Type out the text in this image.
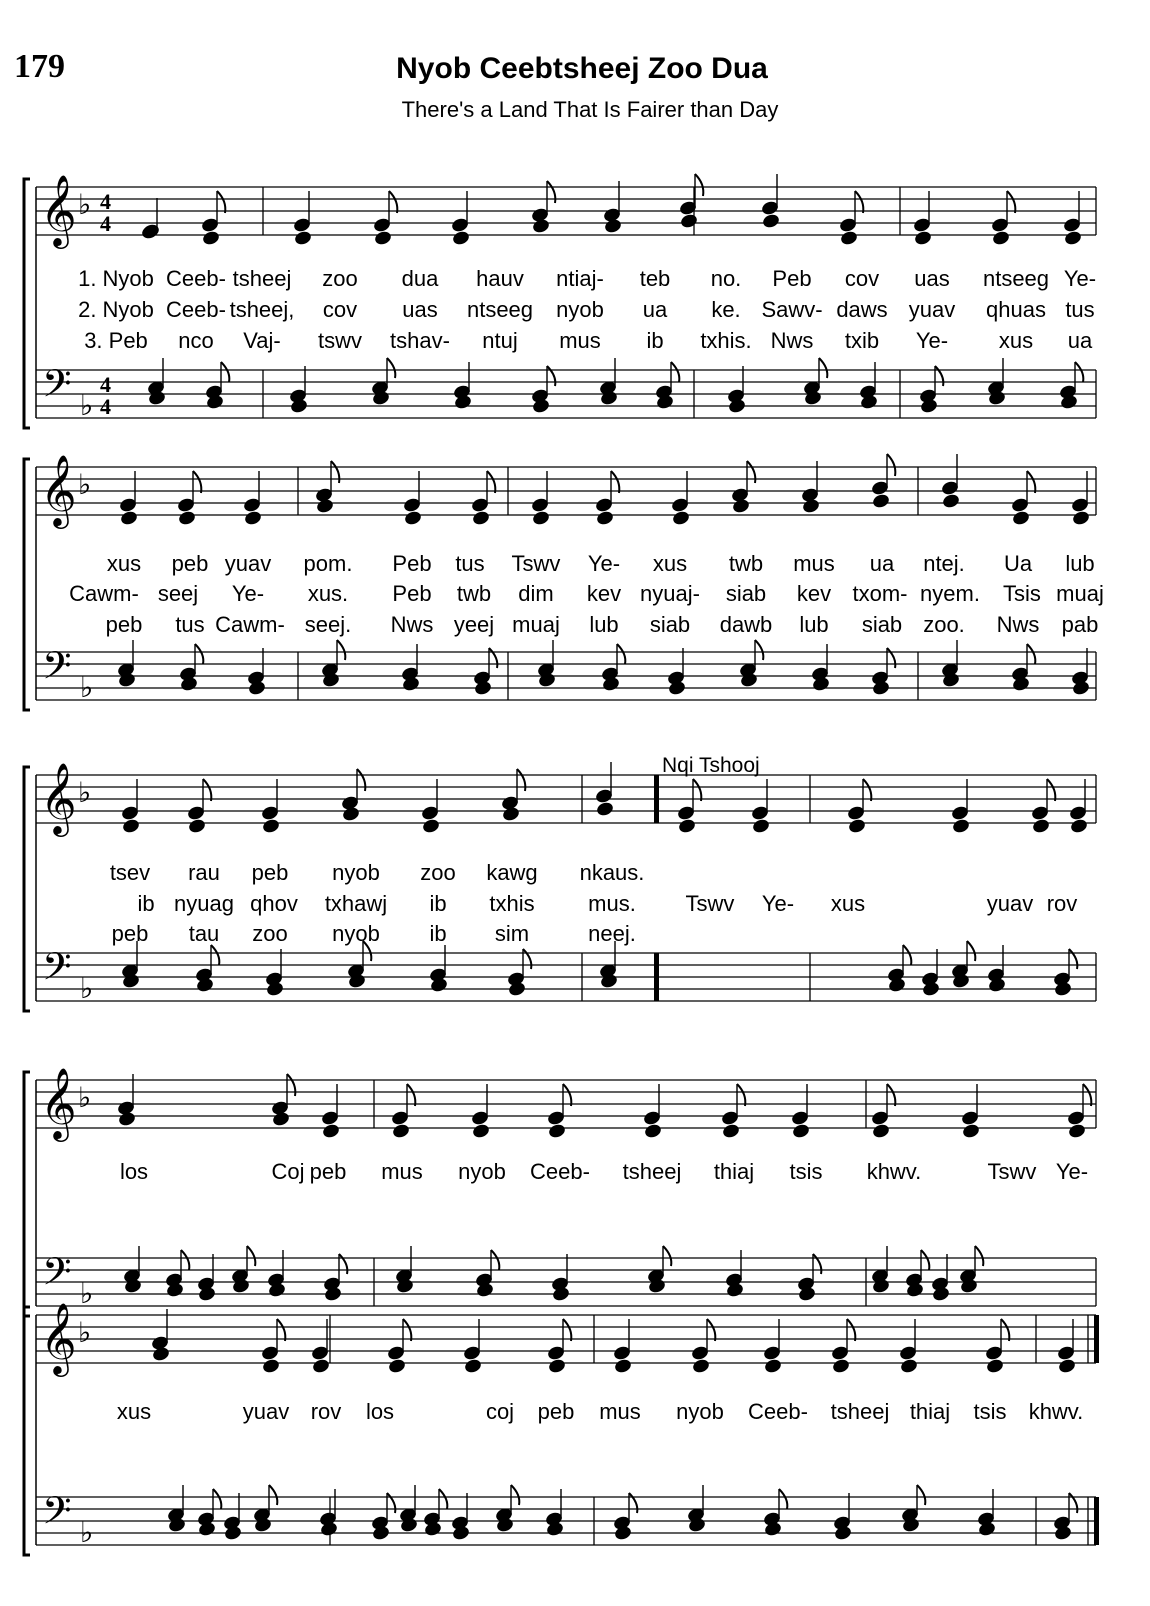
179	Nyob Ceebtsheej Zoo Dua
There's a Land That Is Fairer than Day
𝄞
𝄢
♭
♭
4
4
4
4
1. Nyob Ceeb- tsheej zoo dua hauv ntiaj- teb no. Peb cov uas ntseeg Ye-
2. Nyob Ceeb- tsheej, cov uas ntseeg nyob ua ke. Sawv- daws yuav qhuas tus
3. Peb nco Vaj- tswv tshav- ntuj mus ib txhis. Nws txib Ye- xus ua
𝄞
𝄢
♭
♭
xus peb yuav pom. Peb tus Tswv Ye- xus twb mus ua ntej. Ua lub
Cawm- seej Ye- xus. Peb twb dim kev nyuaj- siab kev txom- nyem. Tsis muaj
peb tus Cawm- seej. Nws yeej muaj lub siab dawb lub siab zoo. Nws pab
𝄞
𝄢
♭
♭
tsev rau peb nyob zoo kawg nkaus.
ib nyuag qhov txhawj ib txhis mus. Tswv Ye- xus	yuav rov
peb tau zoo nyob ib sim	neej.
𝄞
𝄢
♭
♭
los	Coj peb mus nyob Ceeb- tsheej thiaj tsis khwv.	Tswv Ye-
𝄞
𝄢
♭
♭
xus	yuav rov los	coj peb mus nyob Ceeb- tsheej thiaj tsis khwv.
Nqi Tshooj
